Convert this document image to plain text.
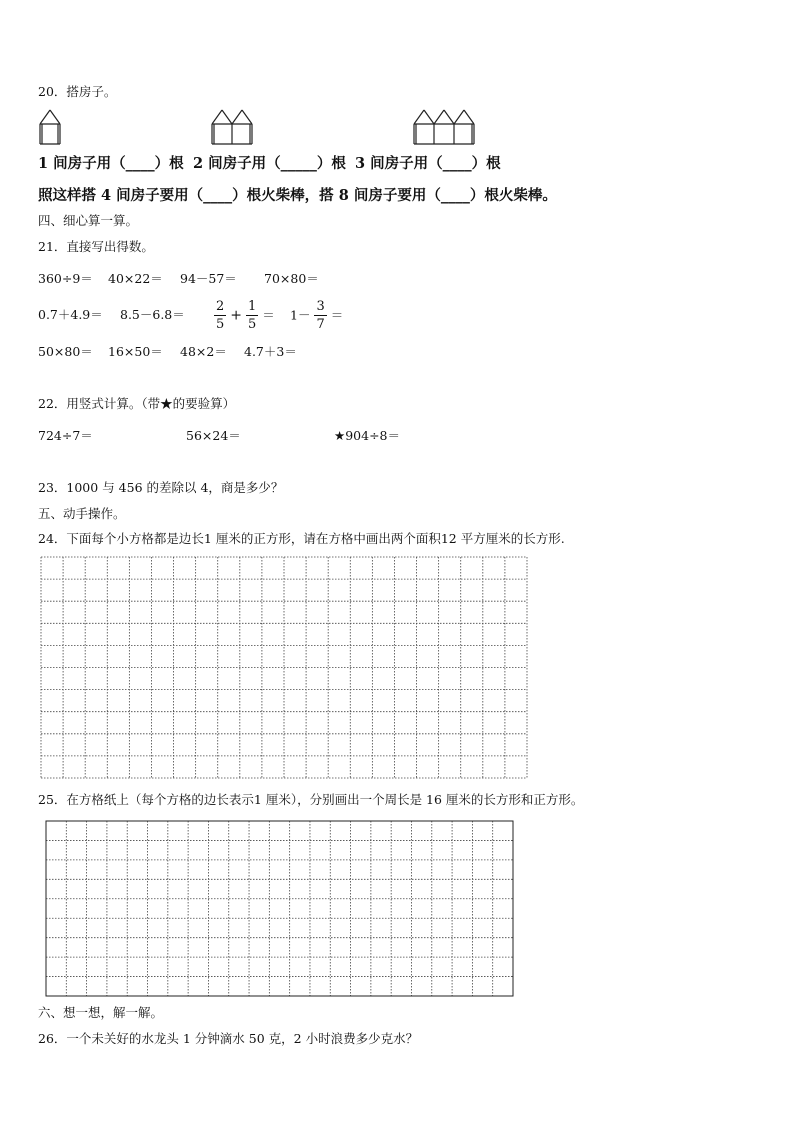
20．搭房子。
1 间房子用（____）根 2 间房子用（_____）根 3 间房子用（____）根
照这样搭 4 间房子要用（____）根火柴棒，搭 8 间房子要用（____）根火柴棒。
四、细心算一算。
21．直接写出得数。
360÷9＝ 40×22＝ 94－57＝ 70×80＝
$0.7+4.9= 8.5-6.8= \frac{2}{5} + \frac{1}{5} = 1- \frac{3}{7}$ ＝
50×80＝ 16×50＝ 48×2＝ 4.7＋3＝
22．用竖式计算。（带★的要验算）
724÷7＝	56×24＝	★904÷8＝
23．1000 与 456 的差除以 4，商是多少？
五、动手操作。
24．下面每个小方格都是边长1 厘米的正方形，请在方格中画出两个面积12 平方厘米的长方形.
25．在方格纸上（每个方格的边长表示1 厘米），分别画出一个周长是 16 厘米的长方形和正方形。
六、想一想，解一解。
26．一个未关好的水龙头 1 分钟滴水 50 克，2 小时浪费多少克水？
